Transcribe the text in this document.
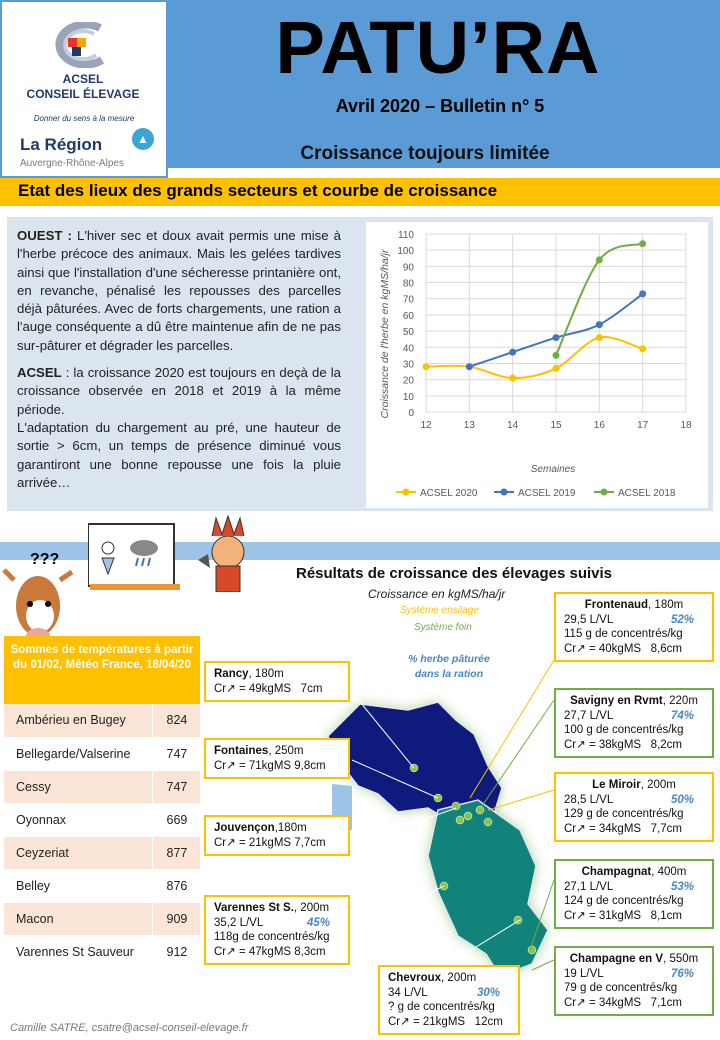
ACSEL
CONSEIL ÉLEVAGE
Donner du sens à la mesure
La Région	▲
Auvergne-Rhône-Alpes
PATU’RA
Avril 2020 – Bulletin n° 5
Croissance toujours limitée
Etat des lieux des grands secteurs et courbe de croissance

OUEST : L'hiver sec et doux avait permis une mise à l'herbe précoce des animaux. Mais les gelées tardives ainsi que l'installation d'une sécheresse printanière ont, en revanche, pénalisé les repousses des parcelles déjà pâturées. Avec de forts chargements, une ration a l'auge conséquente a dû être maintenue afin de ne pas sur-pâturer et dégrader les parcelles.

ACSEL : la croissance 2020 est toujours en deçà de la croissance observée en 2018 et 2019 à la même période.

L'adaptation du chargement au pré, une hauteur de sortie > 6cm, un temps de présence diminué vous garantiront une bonne repousse une fois la pluie arrivée…

0
10
20
30
40
50
60
70
80
90
100
110
12	13	14	15	16	17	18
ACSEL 2020	ACSEL 2019	ACSEL 2018
Croissance de l'herbe en kgMS/ha/jr
Semaines
???
Sommes de températures à partir du 01/02, Météo France, 18/04/20
Ambérieu en Bugey	824
Bellegarde/Valserine	747
Cessy	747
Oyonnax	669
Ceyzeriat	877
Belley	876
Macon	909
Varennes St Sauveur	912
Résultats de croissance des élevages suivis
Croissance en kgMS/ha/jr
Système ensilage
Système foin
% herbe pâturée dans la ration
Rancy, 180m
Cr↗ = 49kgMS 7cm
Fontaines, 250m
Cr↗ = 71kgMS 9,8cm
Jouvençon,180m
Cr↗ = 21kgMS 7,7cm
Varennes St S., 200m
35,2 L/VL	45%
118g de concentrés/kg
Cr↗ = 47kgMS 8,3cm
Chevroux, 200m
34 L/VL	30%
? g de concentrés/kg
Cr↗ = 21kgMS 12cm
Frontenaud, 180m
29,5 L/VL	52%
115 g de concentrés/kg
Cr↗ = 40kgMS 8,6cm
Savigny en Rvmt, 220m
27,7 L/VL	74%
100 g de concentrés/kg
Cr↗ = 38kgMS 8,2cm
Le Miroir, 200m
28,5 L/VL	50%
129 g de concentrés/kg
Cr↗ = 34kgMS 7,7cm
Champagnat, 400m
27,1 L/VL	53%
124 g de concentrés/kg
Cr↗ = 31kgMS 8,1cm
Champagne en V, 550m
19 L/VL	76%
79 g de concentrés/kg
Cr↗ = 34kgMS 7,1cm
Camille SATRE, csatre@acsel-conseil-elevage.fr
